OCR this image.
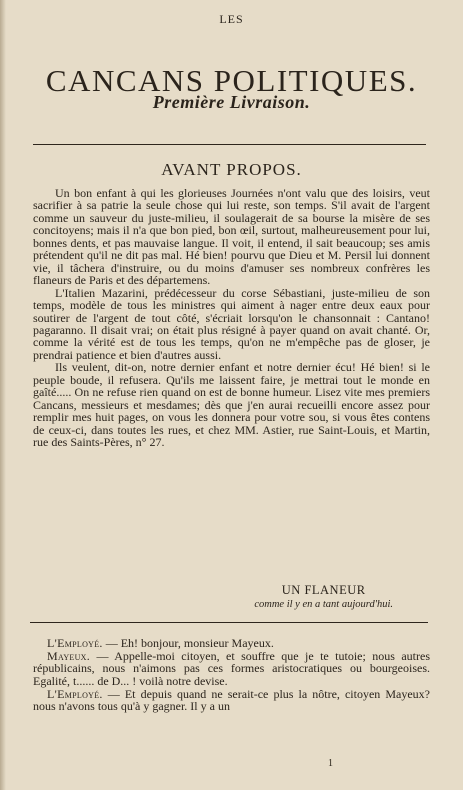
LES
CANCANS POLITIQUES.
Première Livraison.
AVANT PROPOS.

Un bon enfant à qui les glorieuses Journées n'ont valu que des loisirs, veut sacrifier à sa patrie la seule chose qui lui reste, son temps. S'il avait de l'argent comme un sauveur du juste-milieu, il soulagerait de sa bourse la misère de ses concitoyens; mais il n'a que bon pied, bon œil, surtout, malheureusement pour lui, bonnes dents, et pas mauvaise langue. Il voit, il entend, il sait beaucoup; ses amis prétendent qu'il ne dit pas mal. Hé bien! pourvu que Dieu et M. Persil lui donnent vie, il tâchera d'instruire, ou du moins d'amuser ses nombreux confrères les flaneurs de Paris et des départemens.

L'Italien Mazarini, prédécesseur du corse Sébastiani, juste-milieu de son temps, modèle de tous les ministres qui aiment à nager entre deux eaux pour soutirer de l'argent de tout côté, s'écriait lorsqu'on le chansonnait : Cantano! pagaranno. Il disait vrai; on était plus résigné à payer quand on avait chanté. Or, comme la vérité est de tous les temps, qu'on ne m'empêche pas de gloser, je prendrai patience et bien d'autres aussi.

Ils veulent, dit-on, notre dernier enfant et notre dernier écu! Hé bien! si le peuple boude, il refusera. Qu'ils me laissent faire, je mettrai tout le monde en gaîté..... On ne refuse rien quand on est de bonne humeur. Lisez vite mes premiers Cancans, messieurs et mesdames; dès que j'en aurai recueilli encore assez pour remplir mes huit pages, on vous les donnera pour votre sou, si vous êtes contens de ceux-ci, dans toutes les rues, et chez MM. Astier, rue Saint-Louis, et Martin, rue des Saints-Pères, n° 27.

UN FLANEUR
comme il y en a tant aujourd'hui.

L'Employé. — Eh! bonjour, monsieur Mayeux.

Mayeux. — Appelle-moi citoyen, et souffre que je te tutoie; nous autres républicains, nous n'aimons pas ces formes aristocratiques ou bourgeoises. Egalité, t...... de D... ! voilà notre devise.

L'Employé. — Et depuis quand ne serait-ce plus la nôtre, citoyen Mayeux? nous n'avons tous qu'à y gagner. Il y a un

1
